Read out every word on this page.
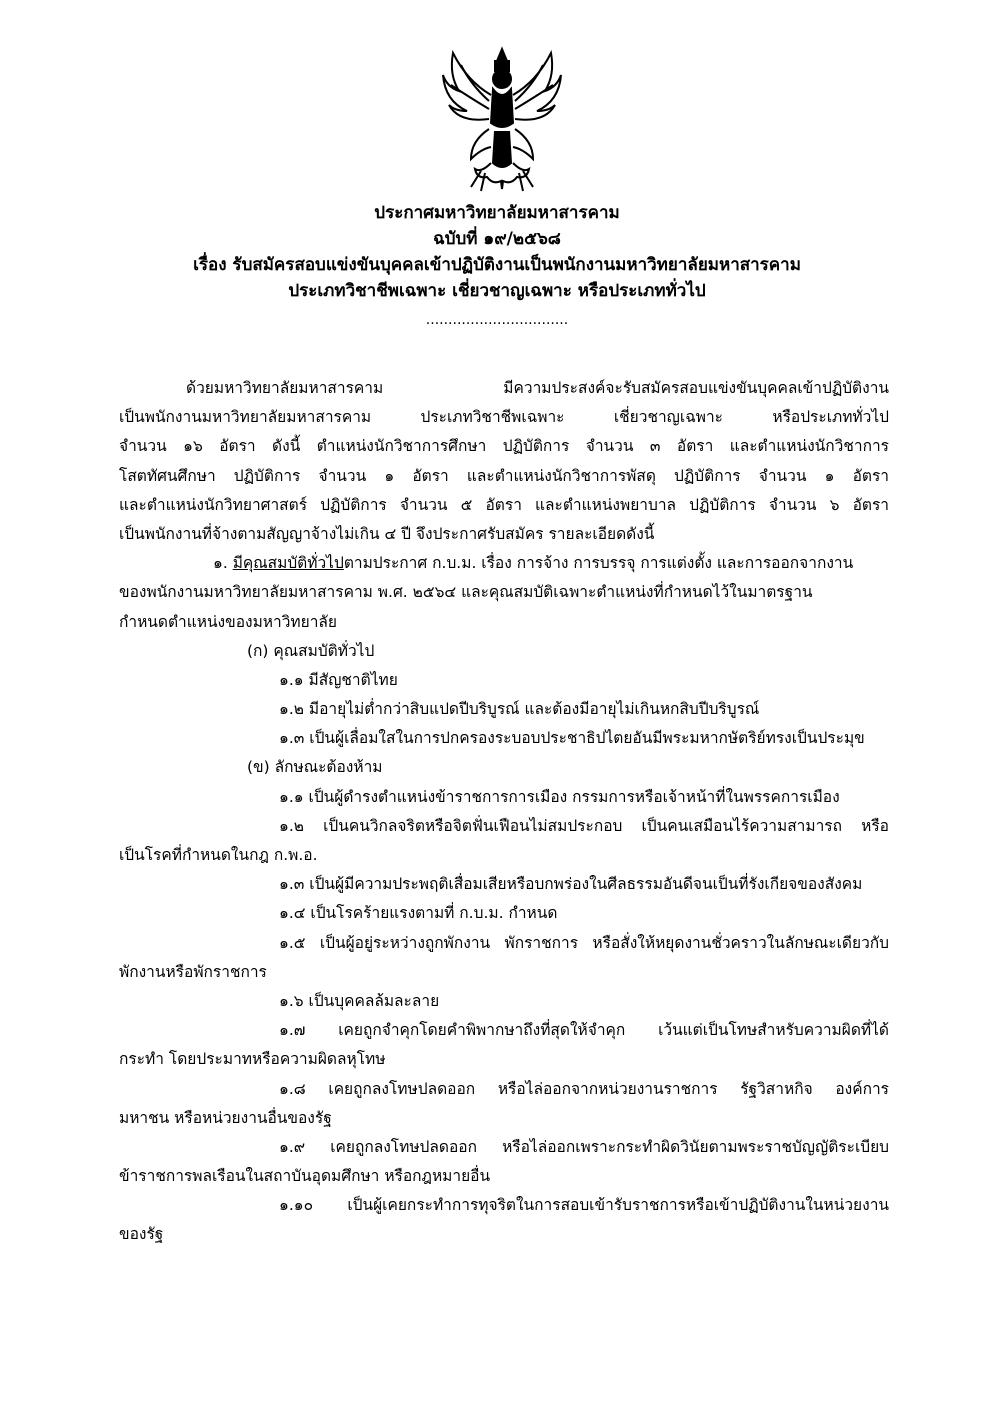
ประกาศมหาวิทยาลัยมหาสารคาม
ฉบับที่ ๑๙/๒๕๖๘
เรื่อง รับสมัครสอบแข่งขันบุคคลเข้าปฏิบัติงานเป็นพนักงานมหาวิทยาลัยมหาสารคาม
ประเภทวิชาชีพเฉพาะ เชี่ยวชาญเฉพาะ หรือประเภททั่วไป
................................
ด้วยมหาวิทยาลัยมหาสารคาม มีความประสงค์จะรับสมัครสอบแข่งขันบุคคลเข้าปฏิบัติงาน
เป็นพนักงานมหาวิทยาลัยมหาสารคาม ประเภทวิชาชีพเฉพาะ เชี่ยวชาญเฉพาะ หรือประเภททั่วไป
จำนวน ๑๖ อัตรา ดังนี้ ตำแหน่งนักวิชาการศึกษา ปฏิบัติการ จำนวน ๓ อัตรา และตำแหน่งนักวิชาการ
โสตทัศนศึกษา ปฏิบัติการ จำนวน ๑ อัตรา และตำแหน่งนักวิชาการพัสดุ ปฏิบัติการ จำนวน ๑ อัตรา
และตำแหน่งนักวิทยาศาสตร์ ปฏิบัติการ จำนวน ๕ อัตรา และตำแหน่งพยาบาล ปฏิบัติการ จำนวน ๖ อัตรา
เป็นพนักงานที่จ้างตามสัญญาจ้างไม่เกิน ๔ ปี จึงประกาศรับสมัคร รายละเอียดดังนี้
๑. มีคุณสมบัติทั่วไปตามประกาศ ก.บ.ม. เรื่อง การจ้าง การบรรจุ การแต่งตั้ง และการออกจากงาน
ของพนักงานมหาวิทยาลัยมหาสารคาม พ.ศ. ๒๕๖๔ และคุณสมบัติเฉพาะตำแหน่งที่กำหนดไว้ในมาตรฐาน
กำหนดตำแหน่งของมหาวิทยาลัย
(ก) คุณสมบัติทั่วไป
๑.๑ มีสัญชาติไทย
๑.๒ มีอายุไม่ต่ำกว่าสิบแปดปีบริบูรณ์ และต้องมีอายุไม่เกินหกสิบปีบริบูรณ์
๑.๓ เป็นผู้เลื่อมใสในการปกครองระบอบประชาธิปไตยอันมีพระมหากษัตริย์ทรงเป็นประมุข
(ข) ลักษณะต้องห้าม
๑.๑ เป็นผู้ดำรงตำแหน่งข้าราชการการเมือง กรรมการหรือเจ้าหน้าที่ในพรรคการเมือง
๑.๒ เป็นคนวิกลจริตหรือจิตฟั่นเฟือนไม่สมประกอบ เป็นคนเสมือนไร้ความสามารถ หรือ
เป็นโรคที่กำหนดในกฎ ก.พ.อ.
๑.๓ เป็นผู้มีความประพฤติเสื่อมเสียหรือบกพร่องในศีลธรรมอันดีจนเป็นที่รังเกียจของสังคม
๑.๔ เป็นโรคร้ายแรงตามที่ ก.บ.ม. กำหนด
๑.๕ เป็นผู้อยู่ระหว่างถูกพักงาน พักราชการ หรือสั่งให้หยุดงานชั่วคราวในลักษณะเดียวกับ
พักงานหรือพักราชการ
๑.๖ เป็นบุคคลล้มละลาย
๑.๗ เคยถูกจำคุกโดยคำพิพากษาถึงที่สุดให้จำคุก เว้นแต่เป็นโทษสำหรับความผิดที่ได้
กระทำ โดยประมาทหรือความผิดลหุโทษ
๑.๘ เคยถูกลงโทษปลดออก หรือไล่ออกจากหน่วยงานราชการ รัฐวิสาหกิจ องค์การ
มหาชน หรือหน่วยงานอื่นของรัฐ
๑.๙ เคยถูกลงโทษปลดออก หรือไล่ออกเพราะกระทำผิดวินัยตามพระราชบัญญัติระเบียบ
ข้าราชการพลเรือนในสถาบันอุดมศึกษา หรือกฎหมายอื่น
๑.๑๐ เป็นผู้เคยกระทำการทุจริตในการสอบเข้ารับราชการหรือเข้าปฏิบัติงานในหน่วยงาน
ของรัฐ
